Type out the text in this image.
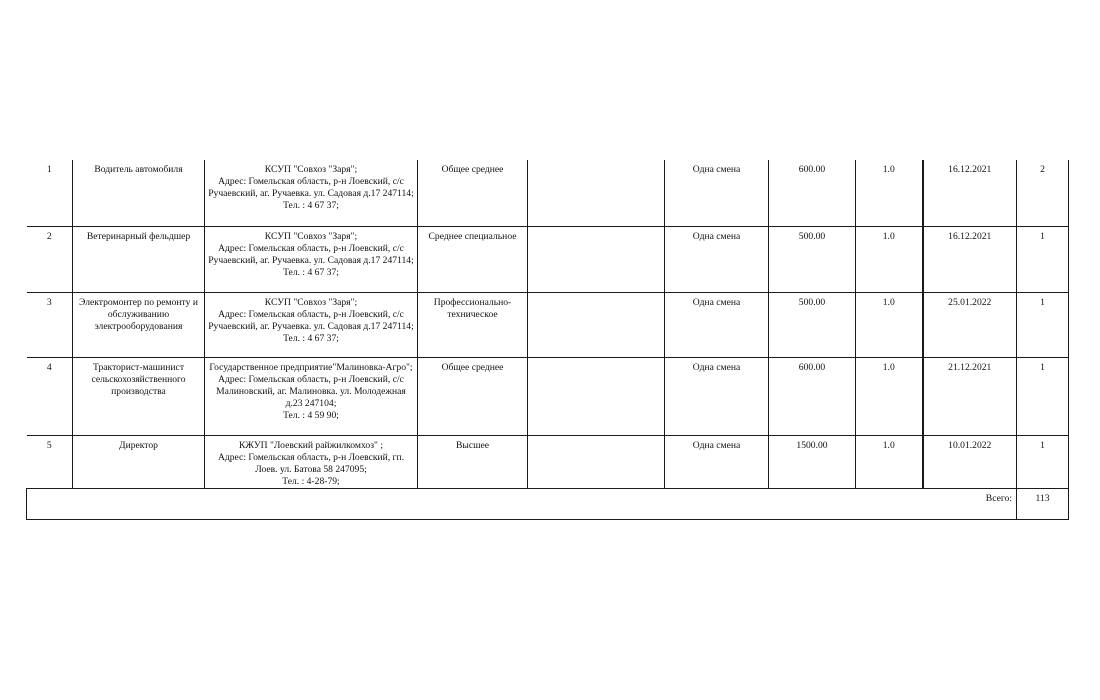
1	Водитель автомобиля	КСУП "Совхоз "Заря";
Адрес: Гомельская область, р-н Лоевский, с/с Ручаевский, аг. Ручаевка. ул. Садовая д.17 247114;
Тел. : 4 67 37;	Общее среднее		Одна смена	600.00	1.0	16.12.2021	2
2	Ветеринарный фельдшер	КСУП "Совхоз "Заря";
Адрес: Гомельская область, р-н Лоевский, с/с Ручаевский, аг. Ручаевка. ул. Садовая д.17 247114;
Тел. : 4 67 37;	Среднее специальное		Одна смена	500.00	1.0	16.12.2021	1
3	Электромонтер по ремонту и обслуживанию электрооборудования	КСУП "Совхоз "Заря";
Адрес: Гомельская область, р-н Лоевский, с/с Ручаевский, аг. Ручаевка. ул. Садовая д.17 247114;
Тел. : 4 67 37;	Профессионально-техническое		Одна смена	500.00	1.0	25.01.2022	1
4	Тракторист-машинист сельскохозяйственного производства	Государственное предприятие"Малиновка-Агро";
Адрес: Гомельская область, р-н Лоевский, с/с Малиновский, аг. Малиновка. ул. Молодежная д.23 247104;
Тел. : 4 59 90;	Общее среднее		Одна смена	600.00	1.0	21.12.2021	1
5	Директор	КЖУП "Лоевский райжилкомхоз" ;
Адрес: Гомельская область, р-н Лоевский, гп. Лоев. ул. Батова 58 247095;
Тел. : 4-28-79;	Высшее		Одна смена	1500.00	1.0	10.01.2022	1
Всего:									113
